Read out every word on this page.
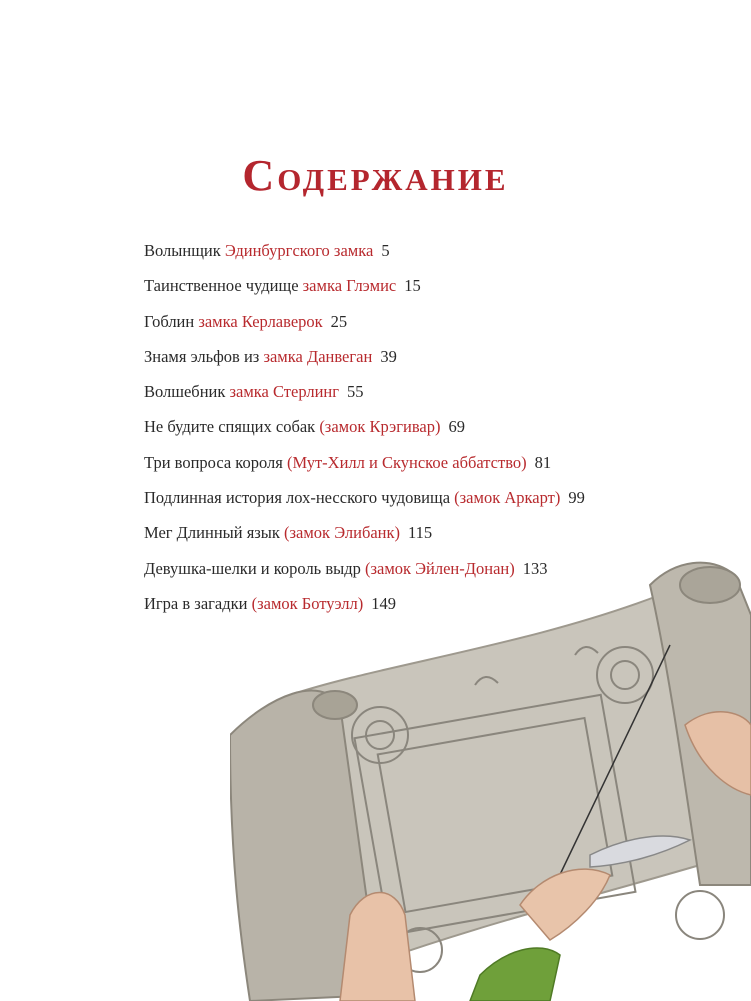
Содержание
Волынщик Эдинбургского замка 5
Таинственное чудище замка Глэмис 15
Гоблин замка Керлаверок 25
Знамя эльфов из замка Данвеган 39
Волшебник замка Стерлинг 55
Не будите спящих собак (замок Крэгивар) 69
Три вопроса короля (Мут-Хилл и Скунское аббатство) 81
Подлинная история лох-несского чудовища (замок Аркарт) 99
Мег Длинный язык (замок Элибанк) 115
Девушка-шелки и король выдр (замок Эйлен-Донан) 133
Игра в загадки (замок Ботуэлл) 149
